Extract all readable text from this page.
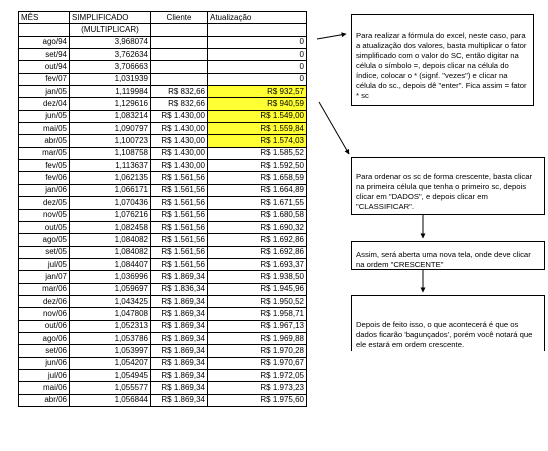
MÊS	SIMPLIFICADO	Cliente	Atualização
	(MULTIPLICAR)		
ago/94	3,968074		0
set/94	3,762634		0
out/94	3,706663		0
fev/07	1,031939		0
jan/05	1,119984	R$ 832,66	R$ 932,57
dez/04	1,129616	R$ 832,66	R$ 940,59
jun/05	1,083214	R$ 1.430,00	R$ 1.549,00
mai/05	1,090797	R$ 1.430,00	R$ 1.559,84
abr/05	1,100723	R$ 1.430,00	R$ 1.574,03
mar/05	1,108758	R$ 1.430,00	R$ 1.585,52
fev/05	1,113637	R$ 1.430,00	R$ 1.592,50
fev/06	1,062135	R$ 1.561,56	R$ 1.658,59
jan/06	1,066171	R$ 1.561,56	R$ 1.664,89
dez/05	1,070436	R$ 1.561,56	R$ 1.671,55
nov/05	1,076216	R$ 1.561,56	R$ 1.680,58
out/05	1,082458	R$ 1.561,56	R$ 1.690,32
ago/05	1,084082	R$ 1.561,56	R$ 1.692,86
set/05	1,084082	R$ 1.561,56	R$ 1.692,86
jul/05	1,084407	R$ 1.561,56	R$ 1.693,37
jan/07	1,036996	R$ 1.869,34	R$ 1.938,50
mar/06	1,059697	R$ 1.836,34	R$ 1.945,96
dez/06	1,043425	R$ 1.869,34	R$ 1.950,52
nov/06	1,047808	R$ 1.869,34	R$ 1.958,71
out/06	1,052313	R$ 1.869,34	R$ 1.967,13
ago/06	1,053786	R$ 1.869,34	R$ 1.969,88
set/06	1,053997	R$ 1.869,34	R$ 1.970,28
jun/06	1,054207	R$ 1.869,34	R$ 1.970,67
jul/06	1,054945	R$ 1.869,34	R$ 1.972,05
mai/06	1,055577	R$ 1.869,34	R$ 1.973,23
abr/06	1,056844	R$ 1.869,34	R$ 1.975,60

Para realizar a fórmula do excel, neste caso, para a atualização dos valores, basta multiplicar o fator simplificado com o valor do SC, então digitar na célula o símbolo =, depois clicar na célula do índice, colocar o * (signf. "vezes") e clicar na célula do sc., depois dê "enter". Fica assim = fator * sc

Para ordenar os sc de forma crescente, basta clicar na primeira célula que tenha o primeiro sc, depois clicar em "DADOS", e depois clicar em "CLASSIFICAR".

Assim, será aberta uma nova tela, onde deve clicar na ordem "CRESCENTE"

Depois de feito isso, o que acontecerá é que os dados ficarão 'bagunçados', porém você notará que ele estará em ordem crescente.
